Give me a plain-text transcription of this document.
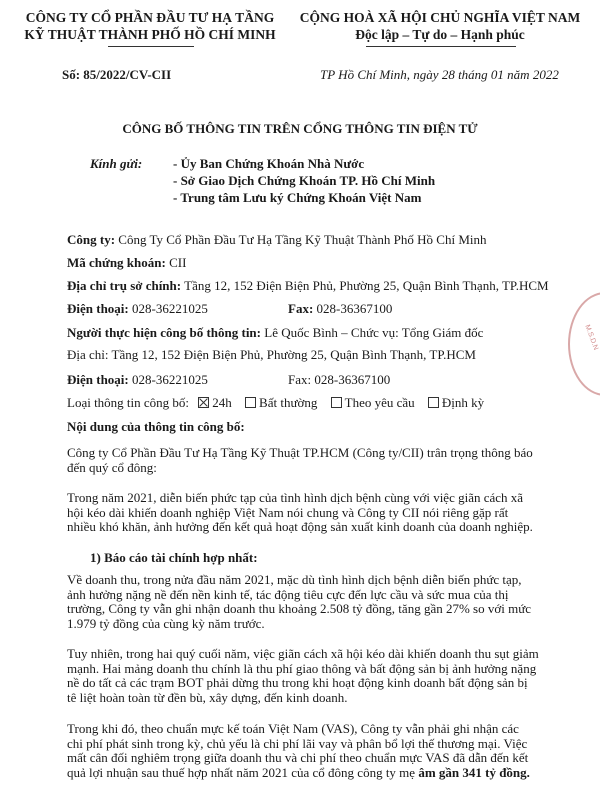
CÔNG TY CỔ PHẦN ĐẦU TƯ HẠ TẦNG
KỸ THUẬT THÀNH PHỐ HỒ CHÍ MINH
CỘNG HOÀ XÃ HỘI CHỦ NGHĨA VIỆT NAM
Độc lập – Tự do – Hạnh phúc
Số: 85/2022/CV-CII	TP Hồ Chí Minh, ngày 28 tháng 01 năm 2022
CÔNG BỐ THÔNG TIN TRÊN CỔNG THÔNG TIN ĐIỆN TỬ
Kính gửi: - Ủy Ban Chứng Khoán Nhà Nước
- Sở Giao Dịch Chứng Khoán TP. Hồ Chí Minh
- Trung tâm Lưu ký Chứng Khoán Việt Nam
Công ty: Công Ty Cổ Phần Đầu Tư Hạ Tầng Kỹ Thuật Thành Phố Hồ Chí Minh
Mã chứng khoán: CII
Địa chỉ trụ sở chính: Tầng 12, 152 Điện Biện Phủ, Phường 25, Quận Bình Thạnh, TP.HCM
Điện thoại: 028-36221025	Fax: 028-36367100
Người thực hiện công bố thông tin: Lê Quốc Bình – Chức vụ: Tổng Giám đốc
Địa chỉ: Tầng 12, 152 Điện Biện Phủ, Phường 25, Quận Bình Thạnh, TP.HCM
Điện thoại: 028-36221025	Fax: 028-36367100
Loại thông tin công bố: 24h Bất thường Theo yêu cầu Định kỳ
Nội dung của thông tin công bố:
Công ty Cổ Phần Đầu Tư Hạ Tầng Kỹ Thuật TP.HCM (Công ty/CII) trân trọng thông báo
đến quý cổ đông:
Trong năm 2021, diễn biến phức tạp của tình hình dịch bệnh cùng với việc giãn cách xã
hội kéo dài khiến doanh nghiệp Việt Nam nói chung và Công ty CII nói riêng gặp rất
nhiều khó khăn, ảnh hưởng đến kết quả hoạt động sản xuất kinh doanh của doanh nghiệp.
1) Báo cáo tài chính hợp nhất:
Về doanh thu, trong nửa đầu năm 2021, mặc dù tình hình dịch bệnh diễn biến phức tạp,
ảnh hưởng nặng nề đến nền kinh tế, tác động tiêu cực đến lực cầu và sức mua của thị
trường, Công ty vẫn ghi nhận doanh thu khoảng 2.508 tỷ đồng, tăng gần 27% so với mức
1.979 tỷ đồng của cùng kỳ năm trước.
Tuy nhiên, trong hai quý cuối năm, việc giãn cách xã hội kéo dài khiến doanh thu sụt giảm
mạnh. Hai mảng doanh thu chính là thu phí giao thông và bất động sản bị ảnh hưởng nặng
nề do tất cả các trạm BOT phải dừng thu trong khi hoạt động kinh doanh bất động sản bị
tê liệt hoàn toàn từ đền bù, xây dựng, đến kinh doanh.
Trong khi đó, theo chuẩn mực kế toán Việt Nam (VAS), Công ty vẫn phải ghi nhận các
chi phí phát sinh trong kỳ, chủ yếu là chi phí lãi vay và phân bổ lợi thế thương mại. Việc
mất cân đối nghiêm trọng giữa doanh thu và chi phí theo chuẩn mực VAS đã dẫn đến kết
quả lợi nhuận sau thuế hợp nhất năm 2021 của cổ đông công ty mẹ âm gần 341 tỷ đồng.
M.S.D.N
